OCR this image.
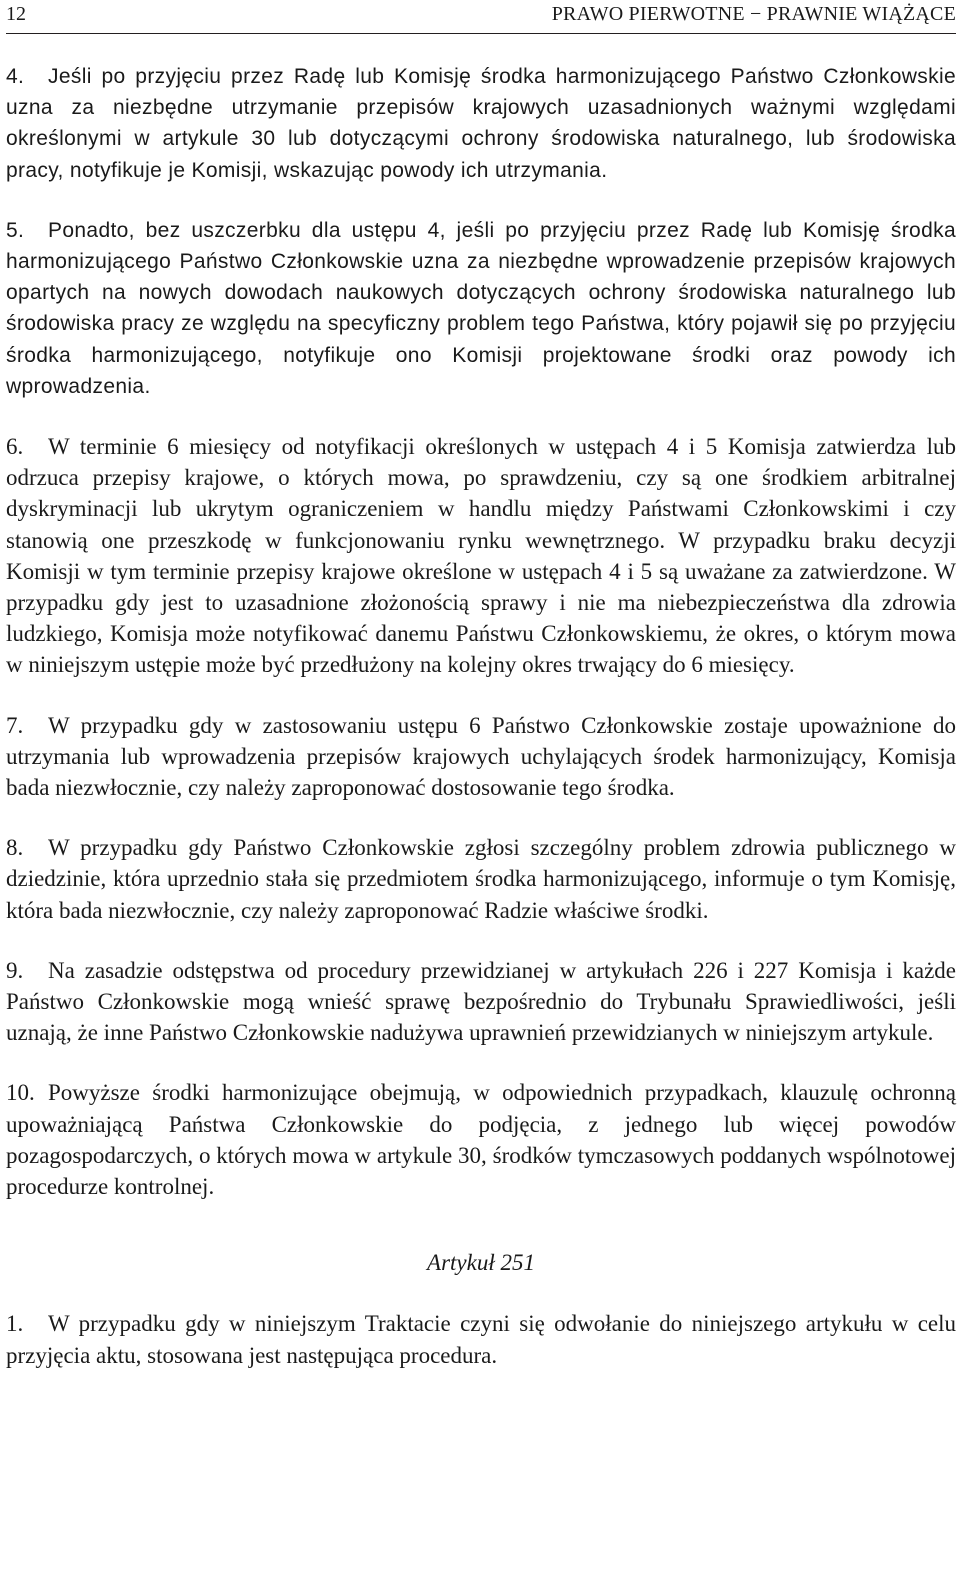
12	PRAWO PIERWOTNE − PRAWNIE WIĄŻĄCE

4. Jeśli po przyjęciu przez Radę lub Komisję środka harmonizującego Państwo Członkowskie uzna za niezbędne utrzymanie przepisów krajowych uzasadnionych ważnymi względami określonymi w artykule 30 lub dotyczącymi ochrony środowiska naturalnego, lub środowiska pracy, notyfikuje je Komisji, wskazując powody ich utrzymania.

5. Ponadto, bez uszczerbku dla ustępu 4, jeśli po przyjęciu przez Radę lub Komisję środka harmonizującego Państwo Członkowskie uzna za niezbędne wprowadzenie przepisów krajowych opartych na nowych dowodach naukowych dotyczących ochrony środowiska naturalnego lub środowiska pracy ze względu na specyficzny problem tego Państwa, który pojawił się po przyjęciu środka harmonizującego, notyfikuje ono Komisji projektowane środki oraz powody ich wprowadzenia.

6. W terminie 6 miesięcy od notyfikacji określonych w ustępach 4 i 5 Komisja zatwierdza lub odrzuca przepisy krajowe, o których mowa, po sprawdzeniu, czy są one środkiem arbitralnej dyskryminacji lub ukrytym ograniczeniem w handlu między Państwami Członkowskimi i czy stanowią one przeszkodę w funkcjonowaniu rynku wewnętrznego. W przypadku braku decyzji Komisji w tym terminie przepisy krajowe określone w ustępach 4 i 5 są uważane za zatwierdzone. W przypadku gdy jest to uzasadnione złożonością sprawy i nie ma niebezpieczeństwa dla zdrowia ludzkiego, Komisja może notyfikować danemu Państwu Członkowskiemu, że okres, o którym mowa w niniejszym ustępie może być przedłużony na kolejny okres trwający do 6 miesięcy.

7. W przypadku gdy w zastosowaniu ustępu 6 Państwo Członkowskie zostaje upoważnione do utrzymania lub wprowadzenia przepisów krajowych uchylających środek harmonizujący, Komisja bada niezwłocznie, czy należy zaproponować dostosowanie tego środka.

8. W przypadku gdy Państwo Członkowskie zgłosi szczególny problem zdrowia publicznego w dziedzinie, która uprzednio stała się przedmiotem środka harmonizującego, informuje o tym Komisję, która bada niezwłocznie, czy należy zaproponować Radzie właściwe środki.

9. Na zasadzie odstępstwa od procedury przewidzianej w artykułach 226 i 227 Komisja i każde Państwo Członkowskie mogą wnieść sprawę bezpośrednio do Trybunału Sprawiedliwości, jeśli uznają, że inne Państwo Członkowskie nadużywa uprawnień przewidzianych w niniejszym artykule.

10. Powyższe środki harmonizujące obejmują, w odpowiednich przypadkach, klauzulę ochronną upoważniającą Państwa Członkowskie do podjęcia, z jednego lub więcej powodów pozagospodarczych, o których mowa w artykule 30, środków tymczasowych poddanych wspólnotowej procedurze kontrolnej.

Artykuł 251

1. W przypadku gdy w niniejszym Traktacie czyni się odwołanie do niniejszego artykułu w celu przyjęcia aktu, stosowana jest następująca procedura.
